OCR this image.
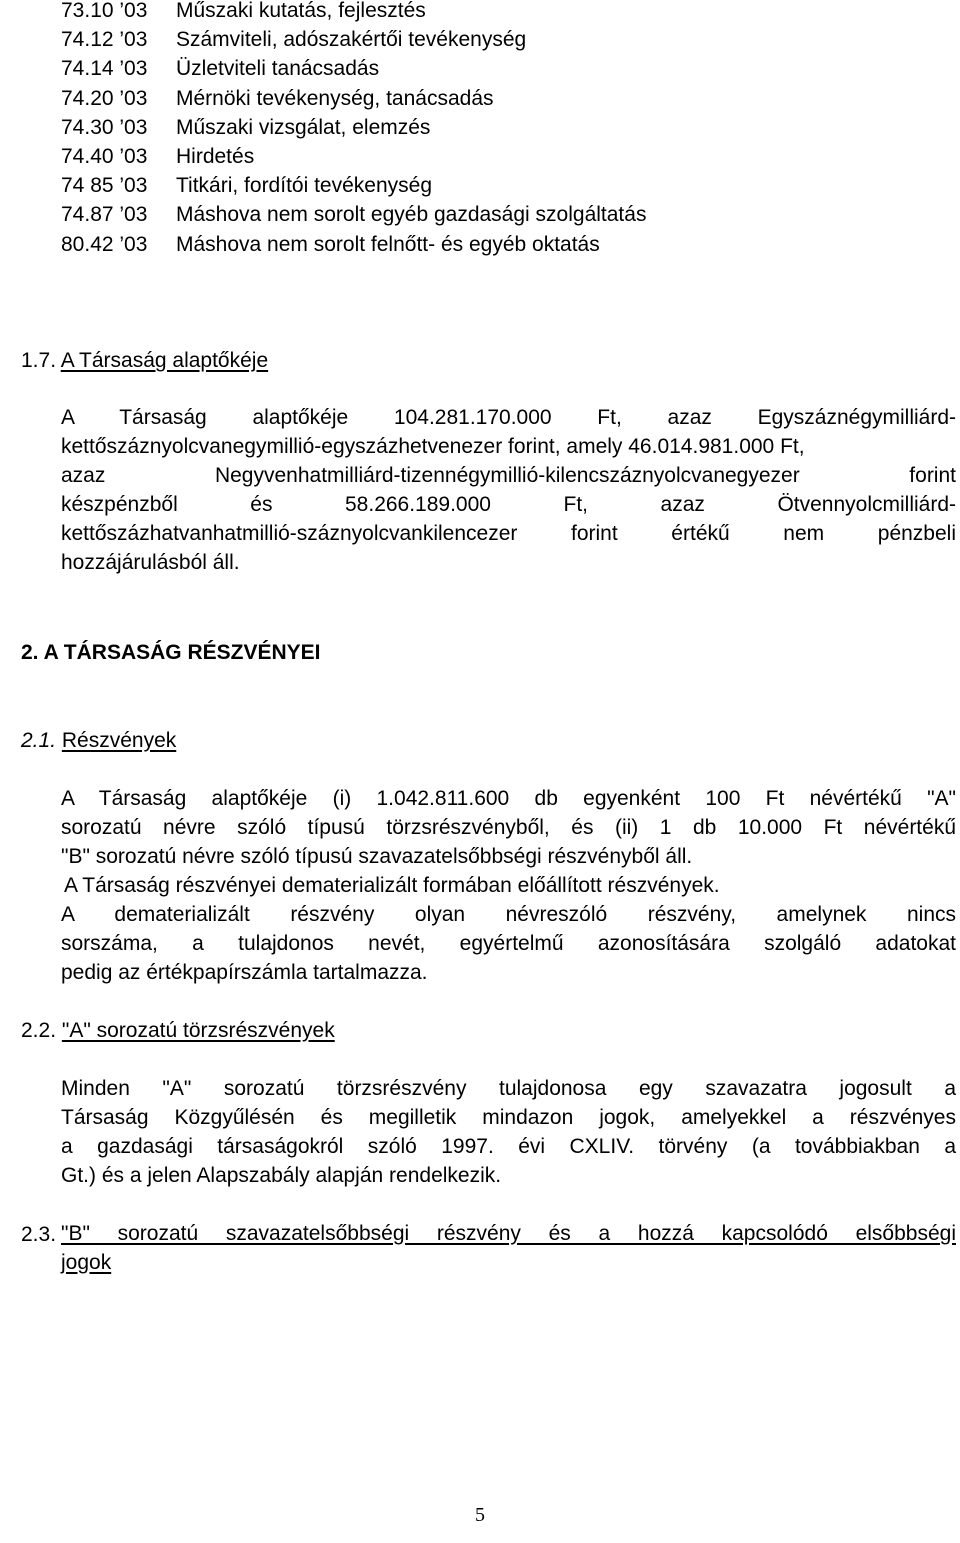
73.10 ’03 Műszaki kutatás, fejlesztés
74.12 ’03 Számviteli, adószakértői tevékenység
74.14 ’03 Üzletviteli tanácsadás
74.20 ’03 Mérnöki tevékenység, tanácsadás
74.30 ’03 Műszaki vizsgálat, elemzés
74.40 ’03 Hirdetés
74 85 ’03 Titkári, fordítói tevékenység
74.87 ’03 Máshova nem sorolt egyéb gazdasági szolgáltatás
80.42 ’03 Máshova nem sorolt felnőtt- és egyéb oktatás
1.7. A Társaság alaptőkéje
A Társaság alaptőkéje 104.281.170.000 Ft, azaz Egyszáznégymilliárd-
kettőszáznyolcvanegymillió-egyszázhetvenezer forint, amely 46.014.981.000 Ft,
azaz Negyvenhatmilliárd-tizennégymillió-kilencszáznyolcvanegyezer forint
készpénzből és 58.266.189.000 Ft, azaz Ötvennyolcmilliárd-
kettőszázhatvanhatmillió-száznyolcvankilencezer forint értékű nem pénzbeli
hozzájárulásból áll.
2. A TÁRSASÁG RÉSZVÉNYEI
2.1. Részvények
A Társaság alaptőkéje (i) 1.042.811.600 db egyenként 100 Ft névértékű "A"
sorozatú névre szóló típusú törzsrészvényből, és (ii) 1 db 10.000 Ft névértékű
"B" sorozatú névre szóló típusú szavazatelsőbbségi részvényből áll.
A Társaság részvényei dematerializált formában előállított részvények.
A dematerializált részvény olyan névreszóló részvény, amelynek nincs
sorszáma, a tulajdonos nevét, egyértelmű azonosítására szolgáló adatokat
pedig az értékpapírszámla tartalmazza.
2.2. "A" sorozatú törzsrészvények
Minden "A" sorozatú törzsrészvény tulajdonosa egy szavazatra jogosult a
Társaság Közgyűlésén és megilletik mindazon jogok, amelyekkel a részvényes
a gazdasági társaságokról szóló 1997. évi CXLIV. törvény (a továbbiakban a
Gt.) és a jelen Alapszabály alapján rendelkezik.
2.3. "B" sorozatú szavazatelsőbbségi részvény és a hozzá kapcsolódó elsőbbségi
jogok
5
